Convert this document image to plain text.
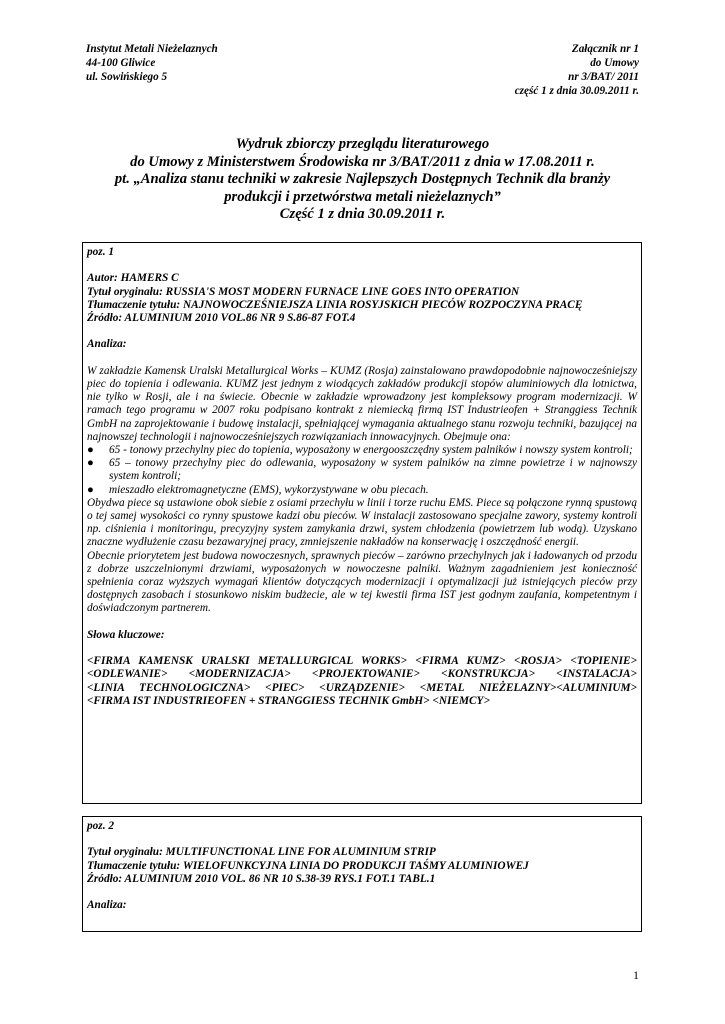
Instytut Metali Nieżelaznych
44-100 Gliwice
ul. Sowińskiego 5
Załącznik nr 1
do Umowy
nr 3/BAT/ 2011
część 1 z dnia 30.09.2011 r.
Wydruk zbiorczy przeglądu literaturowego
do Umowy z Ministerstwem Środowiska nr 3/BAT/2011 z dnia w 17.08.2011 r.
pt. „Analiza stanu techniki w zakresie Najlepszych Dostępnych Technik dla branży
produkcji i przetwórstwa metali nieżelaznych”
Część 1 z dnia 30.09.2011 r.
poz. 1
Autor: HAMERS C
Tytuł oryginału: RUSSIA'S MOST MODERN FURNACE LINE GOES INTO OPERATION
Tłumaczenie tytułu: NAJNOWOCZEŚNIEJSZA LINIA ROSYJSKICH PIECÓW ROZPOCZYNA PRACĘ
Źródło: ALUMINIUM 2010 VOL.86 NR 9 S.86-87 FOT.4
Analiza:
W zakładzie Kamensk Uralski Metallurgical Works – KUMZ (Rosja) zainstalowano prawdopodobnie najnowocześniejszy piec do topienia i odlewania. KUMZ jest jednym z wiodących zakładów produkcji stopów aluminiowych dla lotnictwa, nie tylko w Rosji, ale i na świecie. Obecnie w zakładzie wprowadzony jest kompleksowy program modernizacji. W ramach tego programu w 2007 roku podpisano kontrakt z niemiecką firmą IST Industrieofen + Stranggiess Technik GmbH na zaprojektowanie i budowę instalacji, spełniającej wymagania aktualnego stanu rozwoju techniki, bazującej na najnowszej technologii i najnowocześniejszych rozwiązaniach innowacyjnych. Obejmuje ona:
●	65 - tonowy przechylny piec do topienia, wyposażony w energooszczędny system palników i nowszy system kontroli;
●	65 – tonowy przechylny piec do odlewania, wyposażony w system palników na zimne powietrze i w najnowszy system kontroli;
●	mieszadło elektromagnetyczne (EMS), wykorzystywane w obu piecach.
Obydwa piece są ustawione obok siebie z osiami przechyłu w linii i torze ruchu EMS. Piece są połączone rynną spustową o tej samej wysokości co rynny spustowe kadzi obu pieców. W instalacji zastosowano specjalne zawory, systemy kontroli np. ciśnienia i monitoringu, precyzyjny system zamykania drzwi, system chłodzenia (powietrzem lub wodą). Uzyskano znaczne wydłużenie czasu bezawaryjnej pracy, zmniejszenie nakładów na konserwację i oszczędność energii.
Obecnie priorytetem jest budowa nowoczesnych, sprawnych pieców – zarówno przechylnych jak i ładowanych od przodu z dobrze uszczelnionymi drzwiami, wyposażonych w nowoczesne palniki. Ważnym zagadnieniem jest konieczność spełnienia coraz wyższych wymagań klientów dotyczących modernizacji i optymalizacji już istniejących pieców przy dostępnych zasobach i stosunkowo niskim budżecie, ale w tej kwestii firma IST jest godnym zaufania, kompetentnym i doświadczonym partnerem.
Słowa kluczowe:
<FIRMA KAMENSK URALSKI METALLURGICAL WORKS> <FIRMA KUMZ> <ROSJA> <TOPIENIE>
<ODLEWANIE> <MODERNIZACJA> <PROJEKTOWANIE> <KONSTRUKCJA> <INSTALACJA>
<LINIA TECHNOLOGICZNA> <PIEC> <URZĄDZENIE> <METAL NIEŻELAZNY><ALUMINIUM>
<FIRMA IST INDUSTRIEOFEN + STRANGGIESS TECHNIK GmbH> <NIEMCY>
poz. 2
Tytuł oryginału: MULTIFUNCTIONAL LINE FOR ALUMINIUM STRIP
Tłumaczenie tytułu: WIELOFUNKCYJNA LINIA DO PRODUKCJI TAŚMY ALUMINIOWEJ
Źródło: ALUMINIUM 2010 VOL. 86 NR 10 S.38-39 RYS.1 FOT.1 TABL.1
Analiza:
1
